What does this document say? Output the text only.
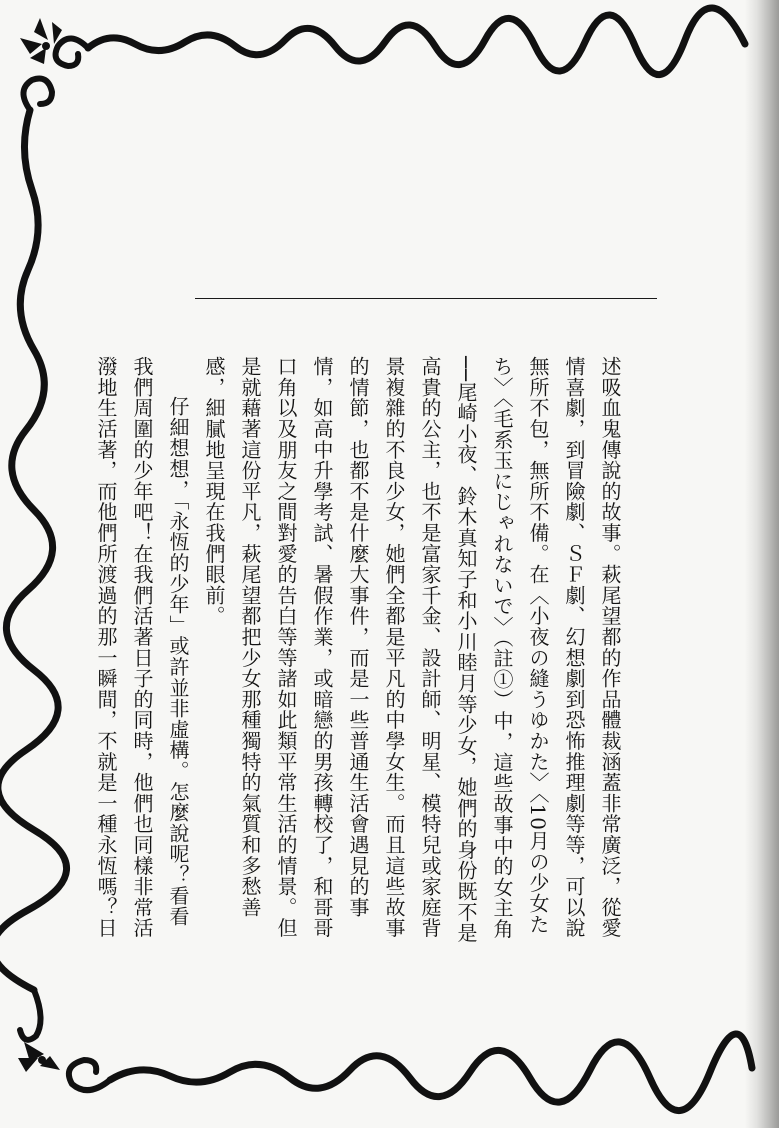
述吸血鬼傳說的故事。萩尾望都的作品體裁涵蓋非常廣泛，從愛情喜劇，到冒險劇、ＳＦ劇、幻想劇到恐怖推理劇等等，可以說無所不包，無所不備。在〈小夜の縫うゆかた〉〈10月の少女たち〉〈毛系玉にじゃれないで〉（註①）中，這些故事中的女主角──尾崎小夜、鈴木真知子和小川睦月等少女，她們的身份既不是高貴的公主，也不是富家千金、設計師、明星、模特兒或家庭背景複雜的不良少女，她們全都是平凡的中學女生。而且這些故事的情節，也都不是什麼大事件，而是一些普通生活會遇見的事情，如高中升學考試、暑假作業，或暗戀的男孩轉校了，和哥哥口角以及朋友之間對愛的告白等等諸如此類平常生活的情景。但是就藉著這份平凡，萩尾望都把少女那種獨特的氣質和多愁善感，細膩地呈現在我們眼前。

仔細想想，「永恆的少年」或許並非虛構。怎麼說呢？看看我們周圍的少年吧！在我們活著日子的同時，他們也同樣非常活潑地生活著，而他們所渡過的那一瞬間，不就是一種永恆嗎？日
